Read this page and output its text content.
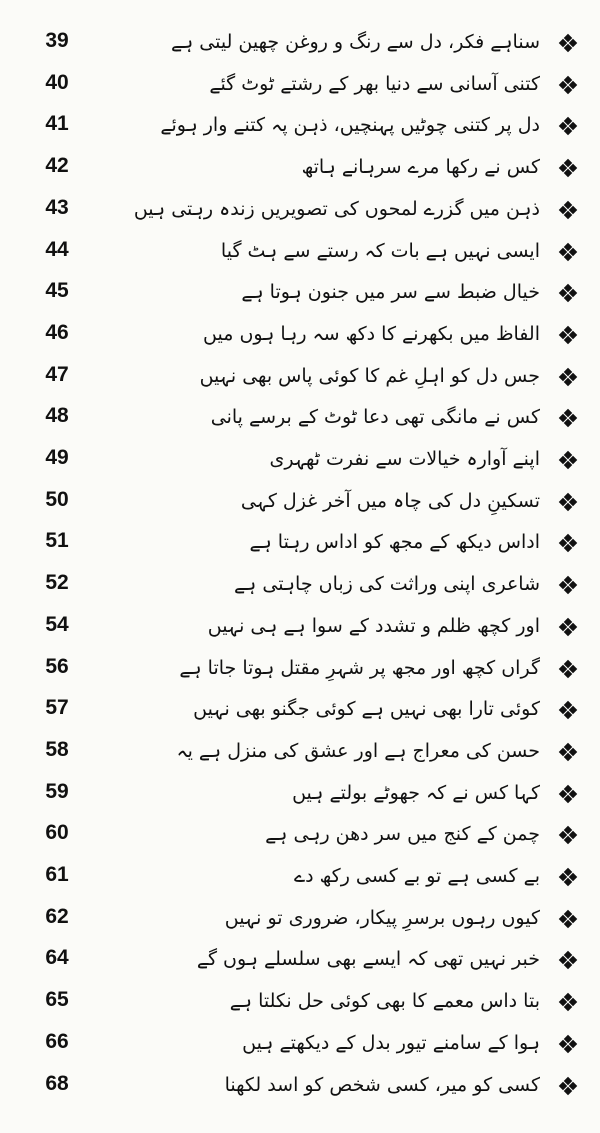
39	سناہے فکر، دل سے رنگ و روغن چھین لیتی ہے
40	کتنی آسانی سے دنیا بھر کے رشتے ٹوٹ گئے
41	دل پر کتنی چوٹیں پہنچیں، ذہن پہ کتنے وار ہوئے
42	کس نے رکھا مرے سرہانے ہاتھ
43	ذہن میں گزرے لمحوں کی تصویریں زندہ رہتی ہیں
44	ایسی نہیں ہے بات کہ رستے سے ہٹ گیا
45	خیال ضبط سے سر میں جنون ہوتا ہے
46	الفاظ میں بکھرنے کا دکھ سہ رہا ہوں میں
47	جس دل کو اہلِ غم کا کوئی پاس بھی نہیں
48	کس نے مانگی تھی دعا ٹوٹ کے برسے پانی
49	اپنے آوارہ خیالات سے نفرت ٹھہری
50	تسکینِ دل کی چاہ میں آخر غزل کہی
51	اداس دیکھ کے مجھ کو اداس رہتا ہے
52	شاعری اپنی وراثت کی زباں چاہتی ہے
54	اور کچھ ظلم و تشدد کے سوا ہے ہی نہیں
56	گراں کچھ اور مجھ پر شہرِ مقتل ہوتا جاتا ہے
57	کوئی تارا بھی نہیں ہے کوئی جگنو بھی نہیں
58	حسن کی معراج ہے اور عشق کی منزل ہے یہ
59	کہا کس نے کہ جھوٹے بولتے ہیں
60	چمن کے کنج میں سر دھن رہی ہے
61	بے کسی ہے تو بے کسی رکھ دے
62	کیوں رہوں برسرِ پیکار، ضروری تو نہیں
64	خبر نہیں تھی کہ ایسے بھی سلسلے ہوں گے
65	بتا داس معمے کا بھی کوئی حل نکلتا ہے
66	ہوا کے سامنے تیور بدل کے دیکھتے ہیں
68	کسی کو میر، کسی شخص کو اسد لکھنا
